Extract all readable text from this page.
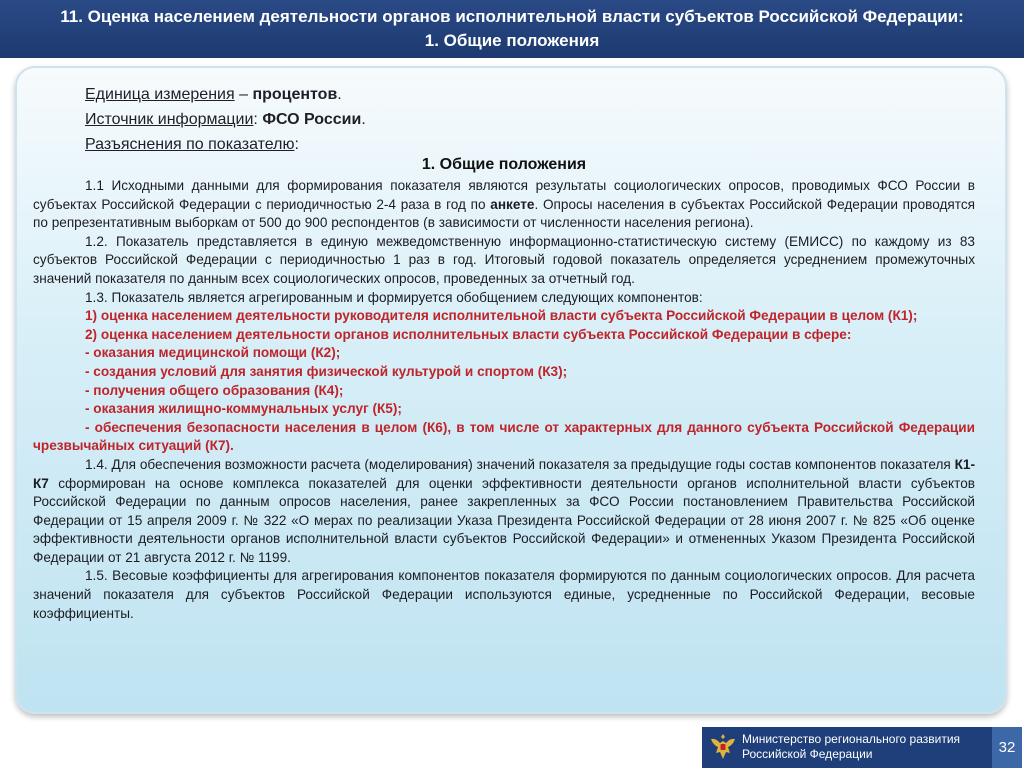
11. Оценка населением деятельности органов исполнительной власти субъектов Российской Федерации:
1. Общие положения
Единица измерения – процентов.
Источник информации: ФСО России.
Разъяснения по показателю:
1. Общие положения

1.1 Исходными данными для формирования показателя являются результаты социологических опросов, проводимых ФСО России в субъектах Российской Федерации с периодичностью 2-4 раза в год по анкете. Опросы населения в субъектах Российской Федерации проводятся по репрезентативным выборкам от 500 до 900 респондентов (в зависимости от численности населения региона).

1.2. Показатель представляется в единую межведомственную информационно-статистическую систему (ЕМИСС) по каждому из 83 субъектов Российской Федерации с периодичностью 1 раз в год. Итоговый годовой показатель определяется усреднением промежуточных значений показателя по данным всех социологических опросов, проведенных за отчетный год.

1.3. Показатель является агрегированным и формируется обобщением следующих компонентов:

1) оценка населением деятельности руководителя исполнительной власти субъекта Российской Федерации в целом (К1);

2) оценка населением деятельности органов исполнительных власти субъекта Российской Федерации в сфере:

- оказания медицинской помощи (К2);

- создания условий для занятия физической культурой и спортом (К3);

- получения общего образования (К4);

- оказания жилищно-коммунальных услуг (К5);

- обеспечения безопасности населения в целом (К6), в том числе от характерных для данного субъекта Российской Федерации чрезвычайных ситуаций (К7).

1.4. Для обеспечения возможности расчета (моделирования) значений показателя за предыдущие годы состав компонентов показателя К1-К7 сформирован на основе комплекса показателей для оценки эффективности деятельности органов исполнительной власти субъектов Российской Федерации по данным опросов населения, ранее закрепленных за ФСО России постановлением Правительства Российской Федерации от 15 апреля 2009 г. № 322 «О мерах по реализации Указа Президента Российской Федерации от 28 июня 2007 г. № 825 «Об оценке эффективности деятельности органов исполнительной власти субъектов Российской Федерации» и отмененных Указом Президента Российской Федерации от 21 августа 2012 г. № 1199.

1.5. Весовые коэффициенты для агрегирования компонентов показателя формируются по данным социологических опросов. Для расчета значений показателя для субъектов Российской Федерации используются единые, усредненные по Российской Федерации, весовые коэффициенты.

Министерство регионального развития
Российской Федерации	32
